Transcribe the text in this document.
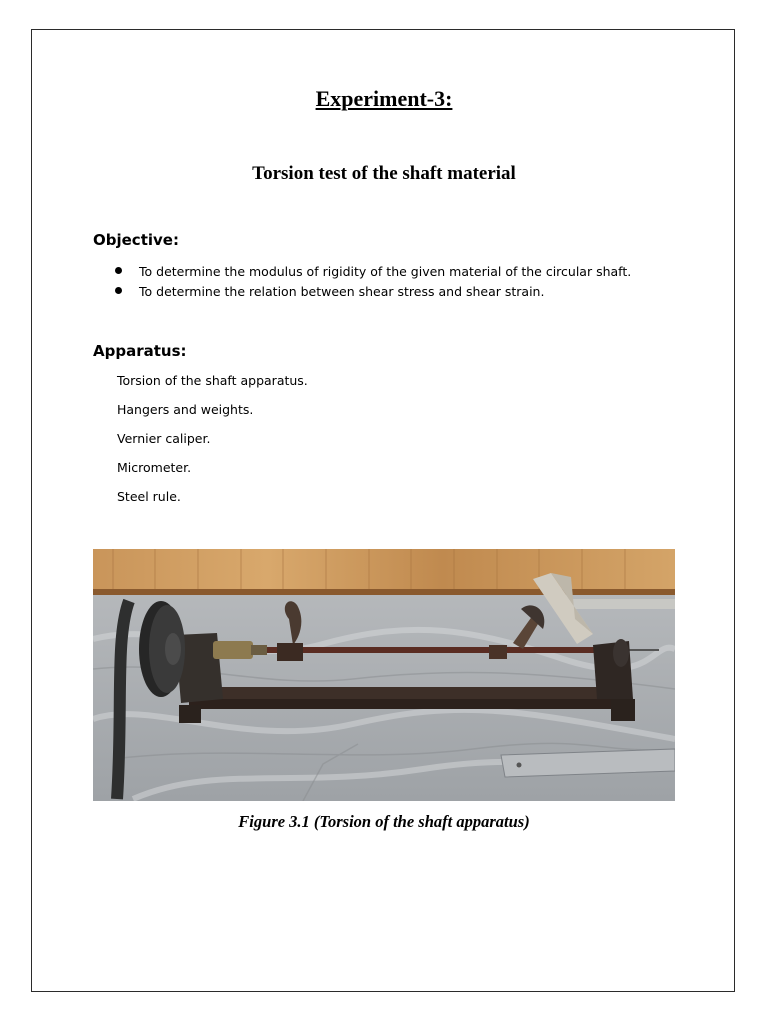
Experiment-3:
Torsion test of the shaft material
Objective:
To determine the modulus of rigidity of the given material of the circular shaft.
To determine the relation between shear stress and shear strain.
Apparatus:
Torsion of the shaft apparatus.
Hangers and weights.
Vernier caliper.
Micrometer.
Steel rule.
Figure 3.1 (Torsion of the shaft apparatus)
